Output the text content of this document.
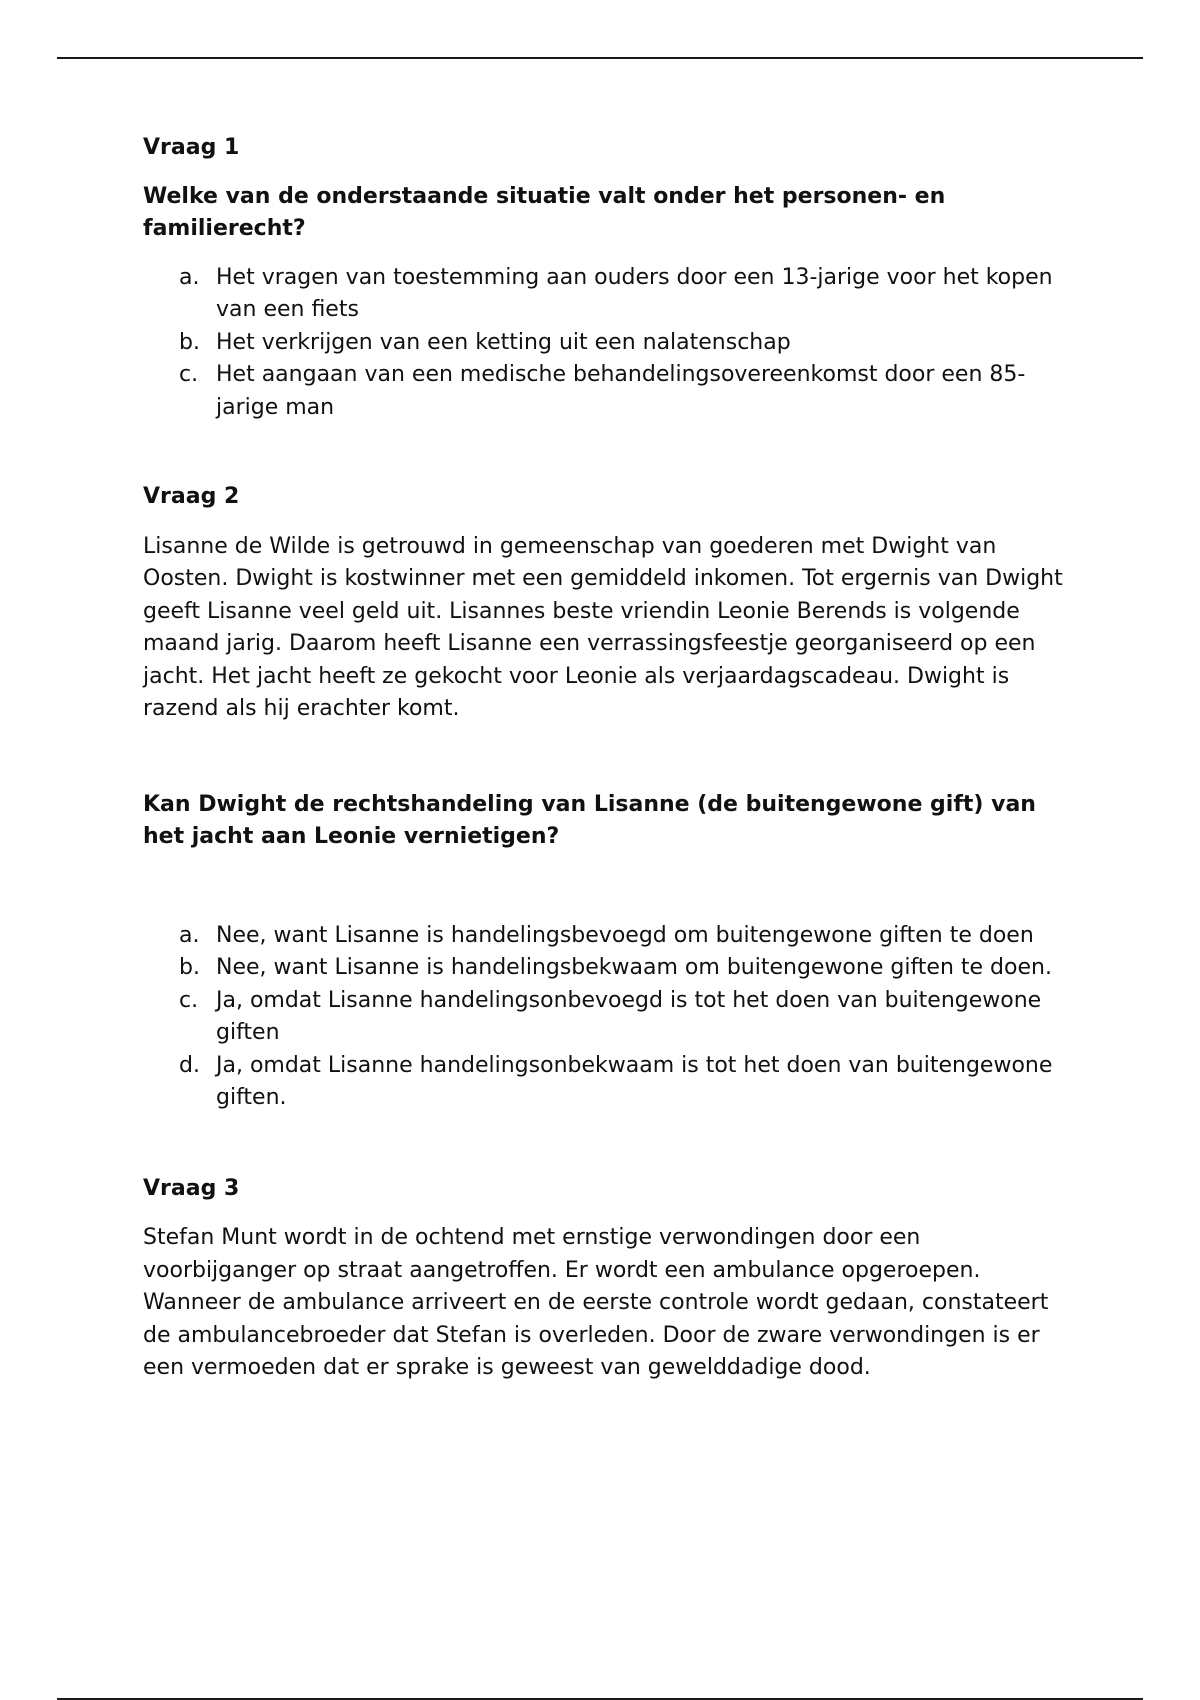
Vraag 1

Welke van de onderstaande situatie valt onder het personen- en familierecht?

a. Het vragen van toestemming aan ouders door een 13-jarige voor het kopen van een fiets
b. Het verkrijgen van een ketting uit een nalatenschap
c. Het aangaan van een medische behandelingsovereenkomst door een 85-jarige man

Vraag 2

Lisanne de Wilde is getrouwd in gemeenschap van goederen met Dwight van Oosten. Dwight is kostwinner met een gemiddeld inkomen. Tot ergernis van Dwight geeft Lisanne veel geld uit. Lisannes beste vriendin Leonie Berends is volgende maand jarig. Daarom heeft Lisanne een verrassingsfeestje georganiseerd op een jacht. Het jacht heeft ze gekocht voor Leonie als verjaardagscadeau. Dwight is razend als hij erachter komt.

Kan Dwight de rechtshandeling van Lisanne (de buitengewone gift) van het jacht aan Leonie vernietigen?

a. Nee, want Lisanne is handelingsbevoegd om buitengewone giften te doen
b. Nee, want Lisanne is handelingsbekwaam om buitengewone giften te doen.
c. Ja, omdat Lisanne handelingsonbevoegd is tot het doen van buitengewone giften
d. Ja, omdat Lisanne handelingsonbekwaam is tot het doen van buitengewone giften.

Vraag 3

Stefan Munt wordt in de ochtend met ernstige verwondingen door een voorbijganger op straat aangetroffen. Er wordt een ambulance opgeroepen. Wanneer de ambulance arriveert en de eerste controle wordt gedaan, constateert de ambulancebroeder dat Stefan is overleden. Door de zware verwondingen is er een vermoeden dat er sprake is geweest van gewelddadige dood.
